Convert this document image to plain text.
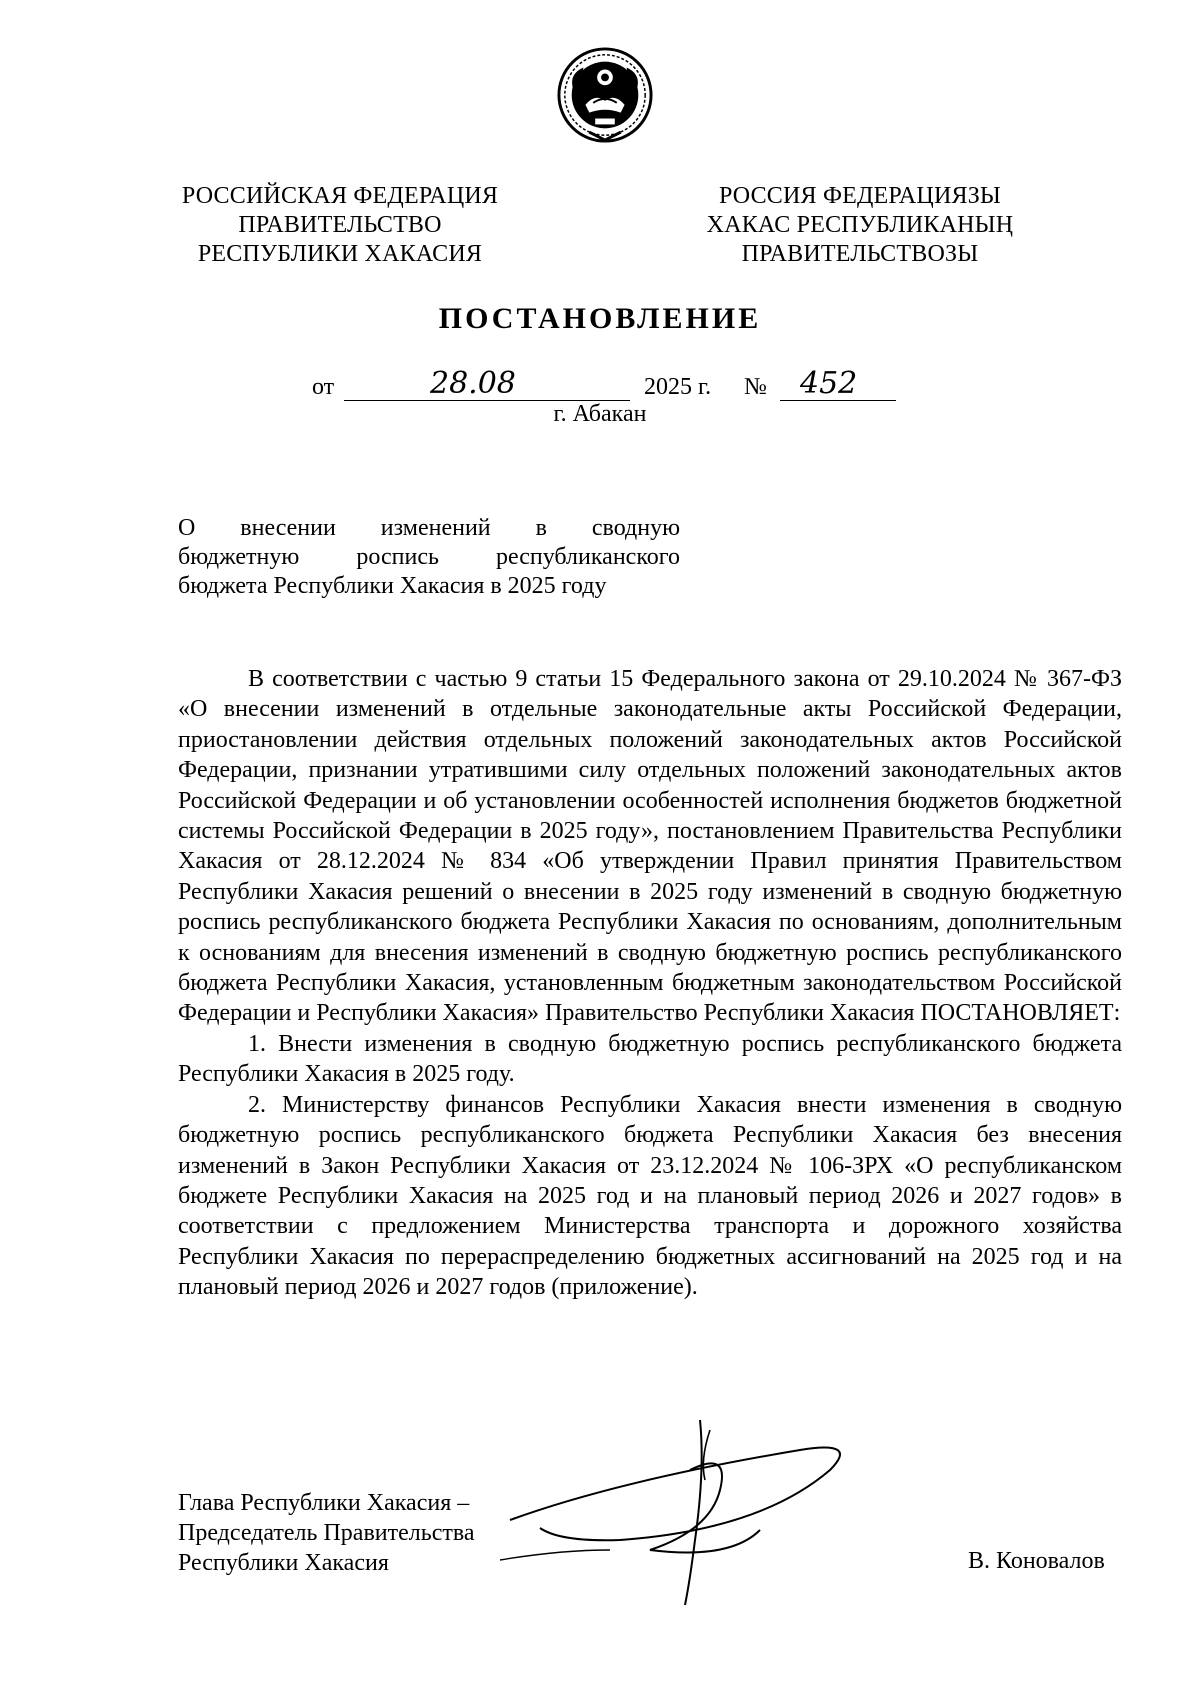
РОССИЙСКАЯ ФЕДЕРАЦИЯ
ПРАВИТЕЛЬСТВО
РЕСПУБЛИКИ ХАКАСИЯ
РОССИЯ ФЕДЕРАЦИЯЗЫ
ХАКАС РЕСПУБЛИКАНЫҢ
ПРАВИТЕЛЬСТВОЗЫ
ПОСТАНОВЛЕНИЕ
от	28.08	2025 г. № 452
г. Абакан

О внесении изменений в сводную

бюджетную роспись республиканского

бюджета Республики Хакасия в 2025 году

В соответствии с частью 9 статьи 15 Федерального закона от 29.10.2024 № 367-ФЗ «О внесении изменений в отдельные законодательные акты Российской Федерации, приостановлении действия отдельных положений законодательных актов Российской Федерации, признании утратившими силу отдельных положений законодательных актов Российской Федерации и об установлении особенностей исполнения бюджетов бюджетной системы Российской Федерации в 2025 году», постановлением Правительства Республики Хакасия от 28.12.2024 № 834 «Об утверждении Правил принятия Правительством Республики Хакасия решений о внесении в 2025 году изменений в сводную бюджетную роспись республиканского бюджета Республики Хакасия по основаниям, дополнительным к основаниям для внесения изменений в сводную бюджетную роспись республиканского бюджета Республики Хакасия, установленным бюджетным законодательством Российской Федерации и Республики Хакасия» Правительство Республики Хакасия ПОСТАНОВЛЯЕТ:

1. Внести изменения в сводную бюджетную роспись республиканского бюджета Республики Хакасия в 2025 году.

2. Министерству финансов Республики Хакасия внести изменения в сводную бюджетную роспись республиканского бюджета Республики Хакасия без внесения изменений в Закон Республики Хакасия от 23.12.2024 № 106-ЗРХ «О республиканском бюджете Республики Хакасия на 2025 год и на плановый период 2026 и 2027 годов» в соответствии с предложением Министерства транспорта и дорожного хозяйства Республики Хакасия по перераспределению бюджетных ассигнований на 2025 год и на плановый период 2026 и 2027 годов (приложение).

Глава Республики Хакасия –
Председатель Правительства
Республики Хакасия	В. Коновалов
